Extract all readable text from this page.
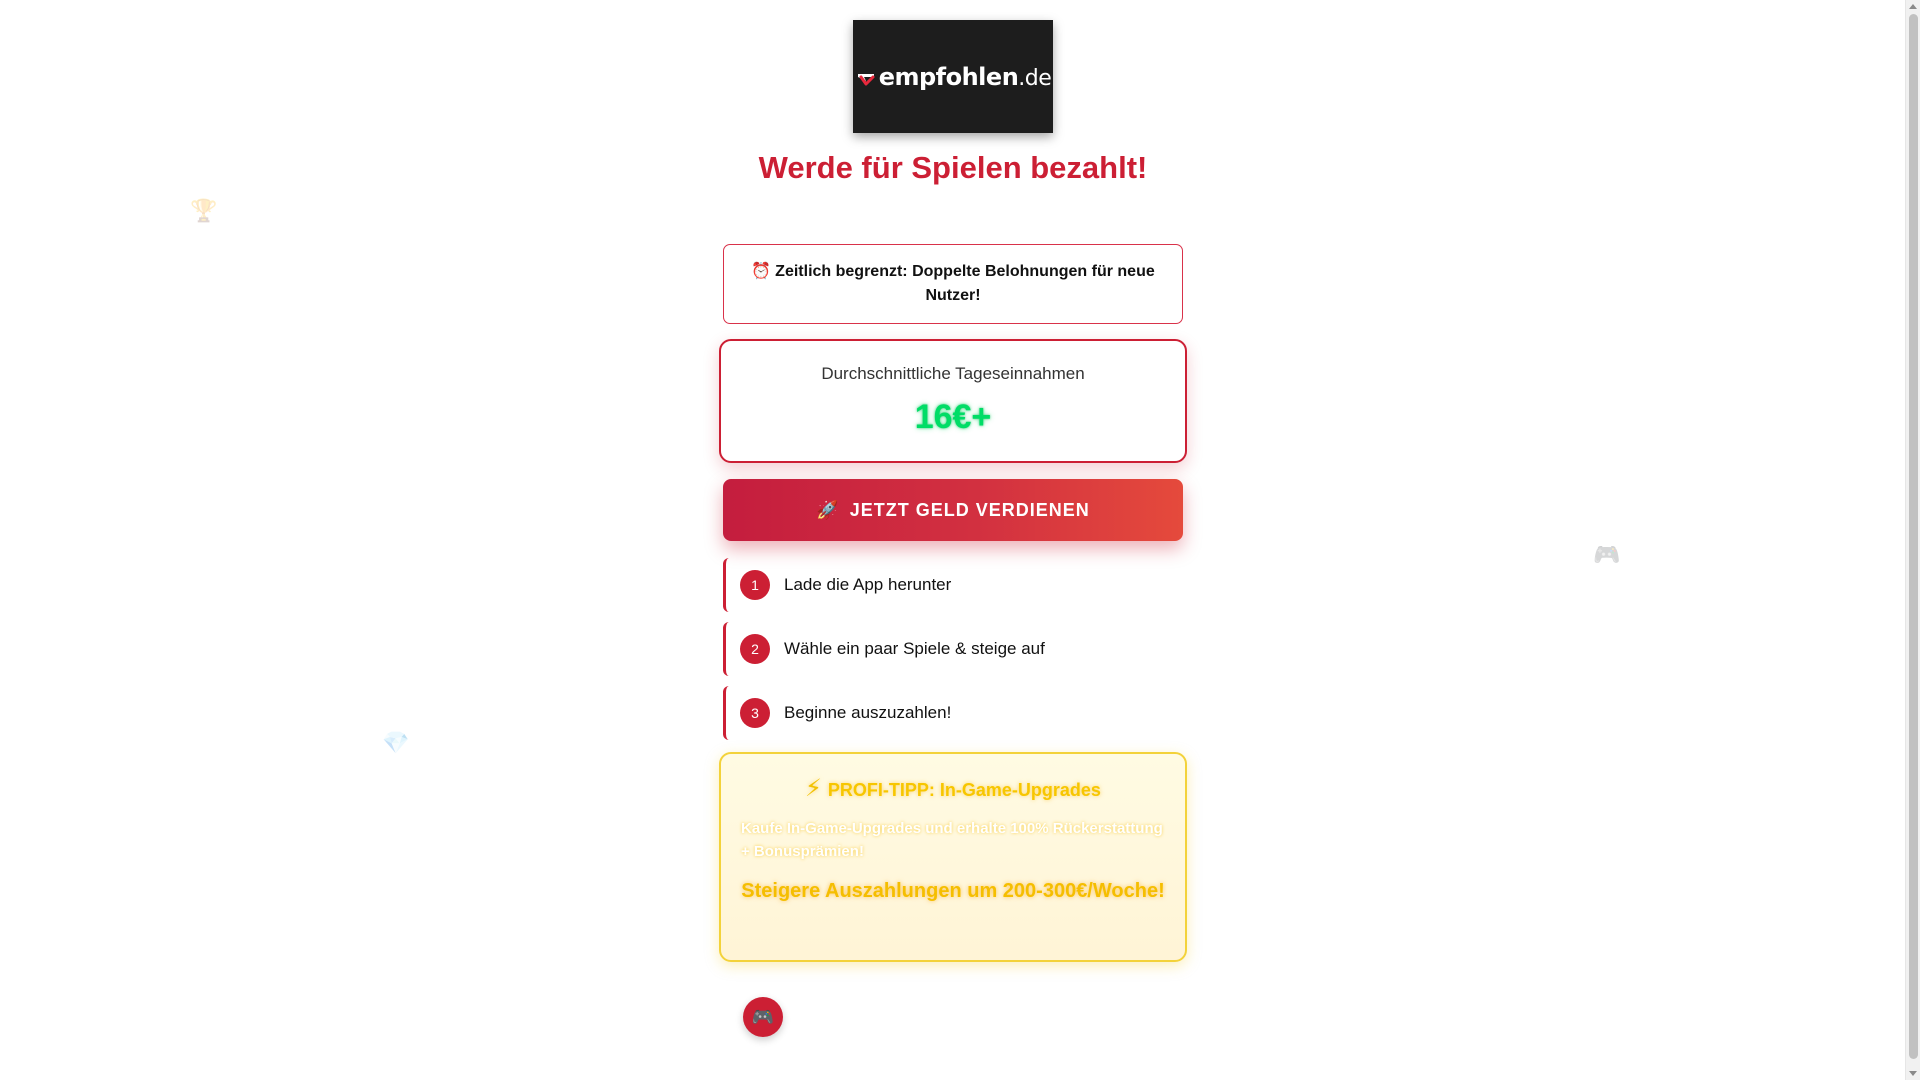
🏆
💎
🎮
empfohlen .de
Werde für Spielen bezahlt!
⏰ Zeitlich begrenzt: Doppelte Belohnungen für neue Nutzer!
Durchschnittliche Tageseinnahmen
16€+
🚀 JETZT GELD VERDIENEN
1	Lade die App herunter
2	Wähle ein paar Spiele & steige auf
3	Beginne auszuzahlen!
⚡ PROFI-TIPP: In-Game-Upgrades
Kaufe In-Game-Upgrades und erhalte 100% Rückerstattung + Bonusprämien!
Steigere Auszahlungen um 200-300€/Woche!
🎮
